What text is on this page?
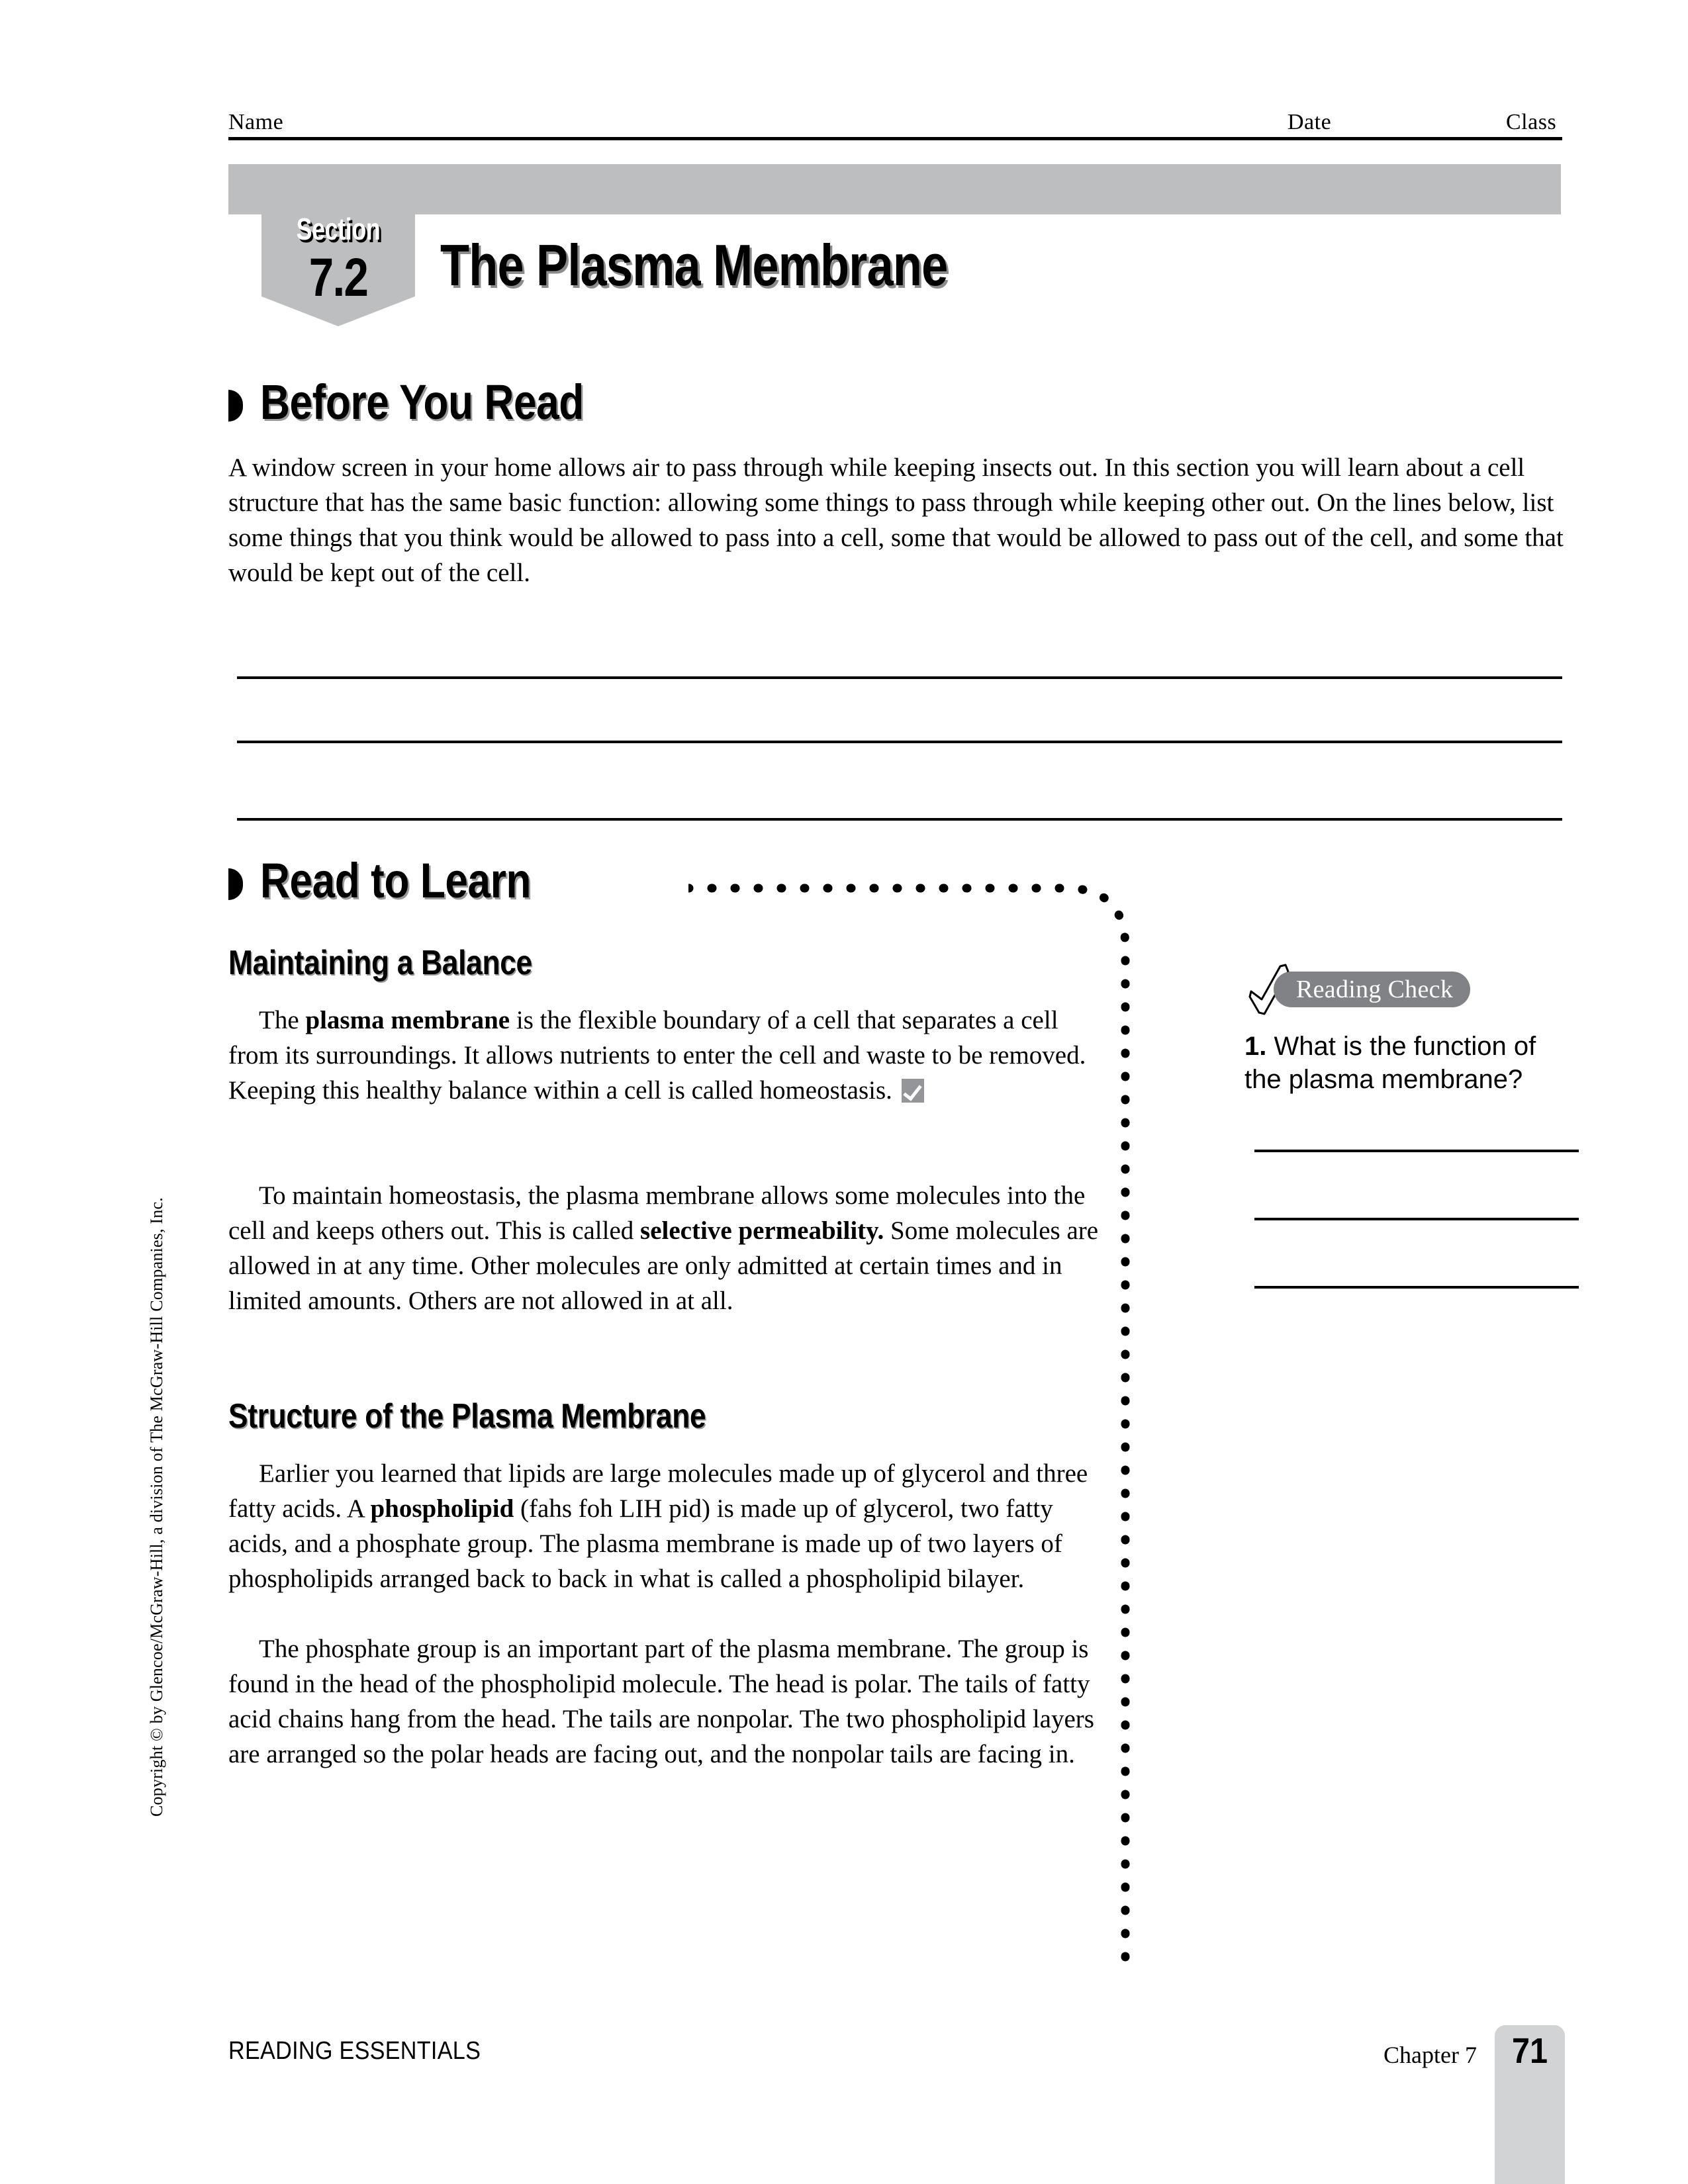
Name	Date	Class
Section
7.2	The Plasma Membrane
Before You Read
A window screen in your home allows air to pass through while keeping insects out. In this section you will learn about a cell structure that has the same basic function: allowing some things to pass through while keeping other out. On the lines below, list some things that you think would be allowed to pass into a cell, some that would be allowed to pass out of the cell, and some that would be kept out of the cell.
Read to Learn
Maintaining a Balance
The plasma membrane is the flexible boundary of a cell that separates a cell from its surroundings. It allows nutrients to enter the cell and waste to be removed. Keeping this healthy balance within a cell is called homeostasis.
To maintain homeostasis, the plasma membrane allows some molecules into the cell and keeps others out. This is called selective permeability. Some molecules are allowed in at any time. Other molecules are only admitted at certain times and in limited amounts. Others are not allowed in at all.
Structure of the Plasma Membrane
Earlier you learned that lipids are large molecules made up of glycerol and three fatty acids. A phospholipid (fahs foh LIH pid) is made up of glycerol, two fatty acids, and a phosphate group. The plasma membrane is made up of two layers of phospholipids arranged back to back in what is called a phospholipid bilayer.
The phosphate group is an important part of the plasma membrane. The group is found in the head of the phospholipid molecule. The head is polar. The tails of fatty acid chains hang from the head. The tails are nonpolar. The two phospholipid layers are arranged so the polar heads are facing out, and the nonpolar tails are facing in.
Reading Check
1. What is the function of the plasma membrane?
Copyright © by Glencoe/McGraw-Hill, a division of The McGraw-Hill Companies, Inc.
READING ESSENTIALS	Chapter 7 71
